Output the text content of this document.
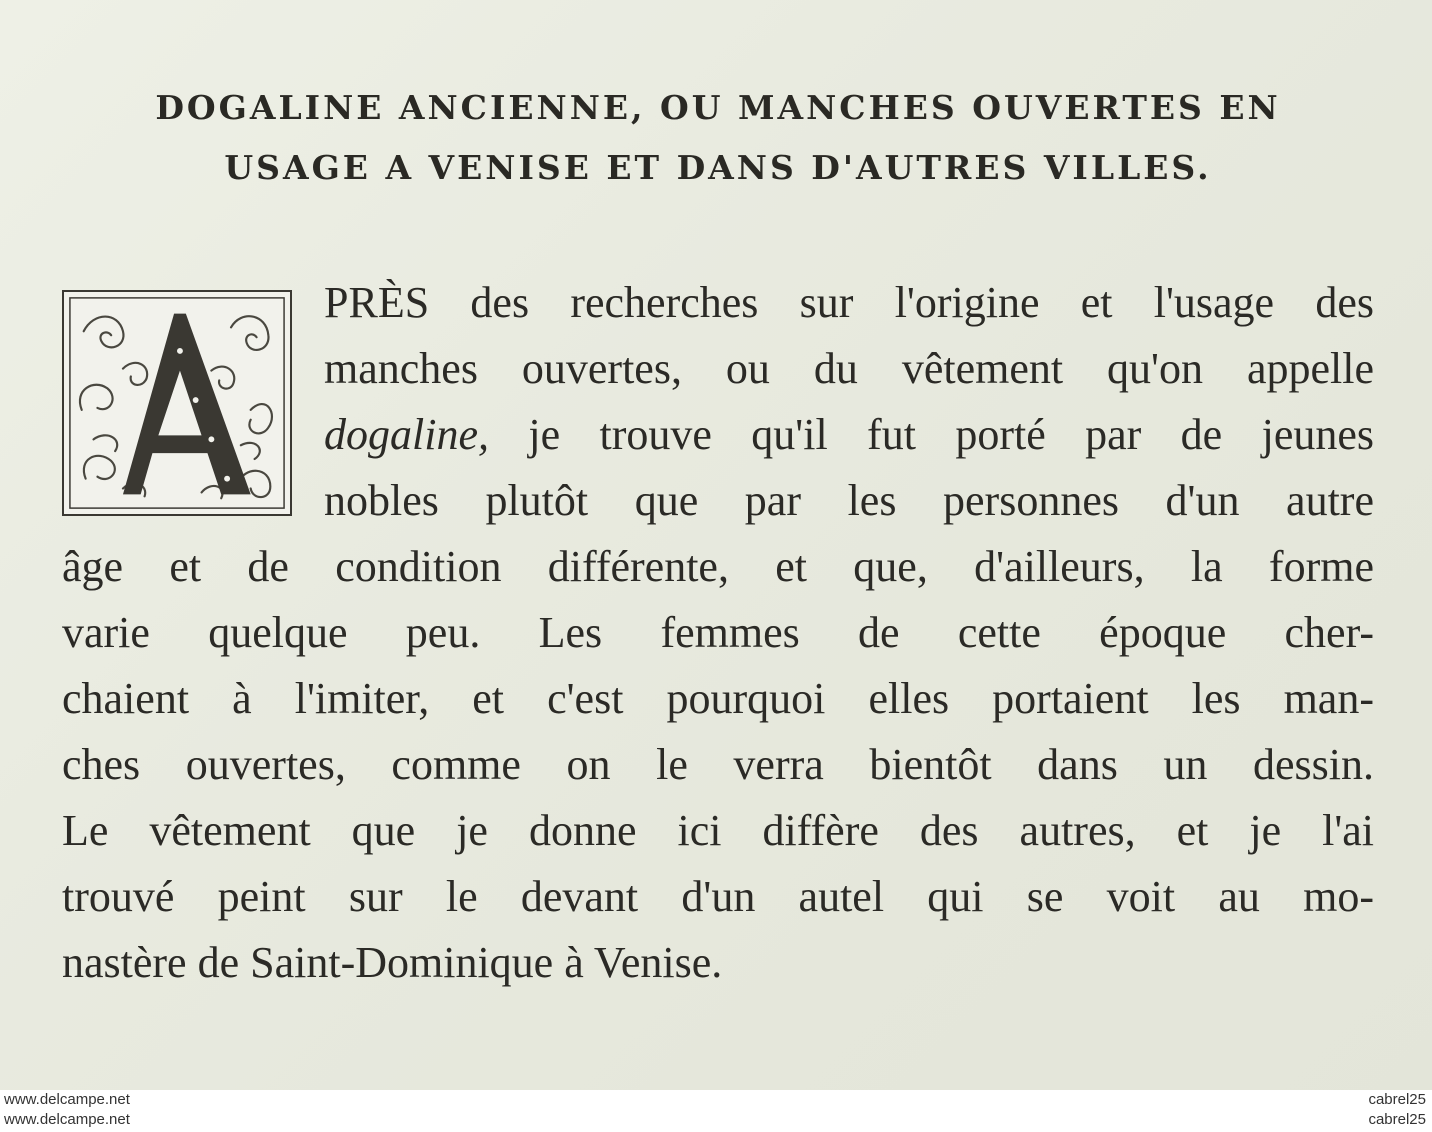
DOGALINE ANCIENNE, OU MANCHES OUVERTES EN
USAGE A VENISE ET DANS D'AUTRES VILLES.
PRÈS des recherches sur l'origine et l'usage des
manches ouvertes, ou du vêtement qu'on appelle
dogaline, je trouve qu'il fut porté par de jeunes
nobles plutôt que par les personnes d'un autre
âge et de condition différente, et que, d'ailleurs, la forme
varie quelque peu. Les femmes de cette époque cher-
chaient à l'imiter, et c'est pourquoi elles portaient les man-
ches ouvertes, comme on le verra bientôt dans un dessin.
Le vêtement que je donne ici diffère des autres, et je l'ai
trouvé peint sur le devant d'un autel qui se voit au mo-
nastère de Saint-Dominique à Venise.
www.delcampe.net
www.delcampe.net
cabrel25
cabrel25
